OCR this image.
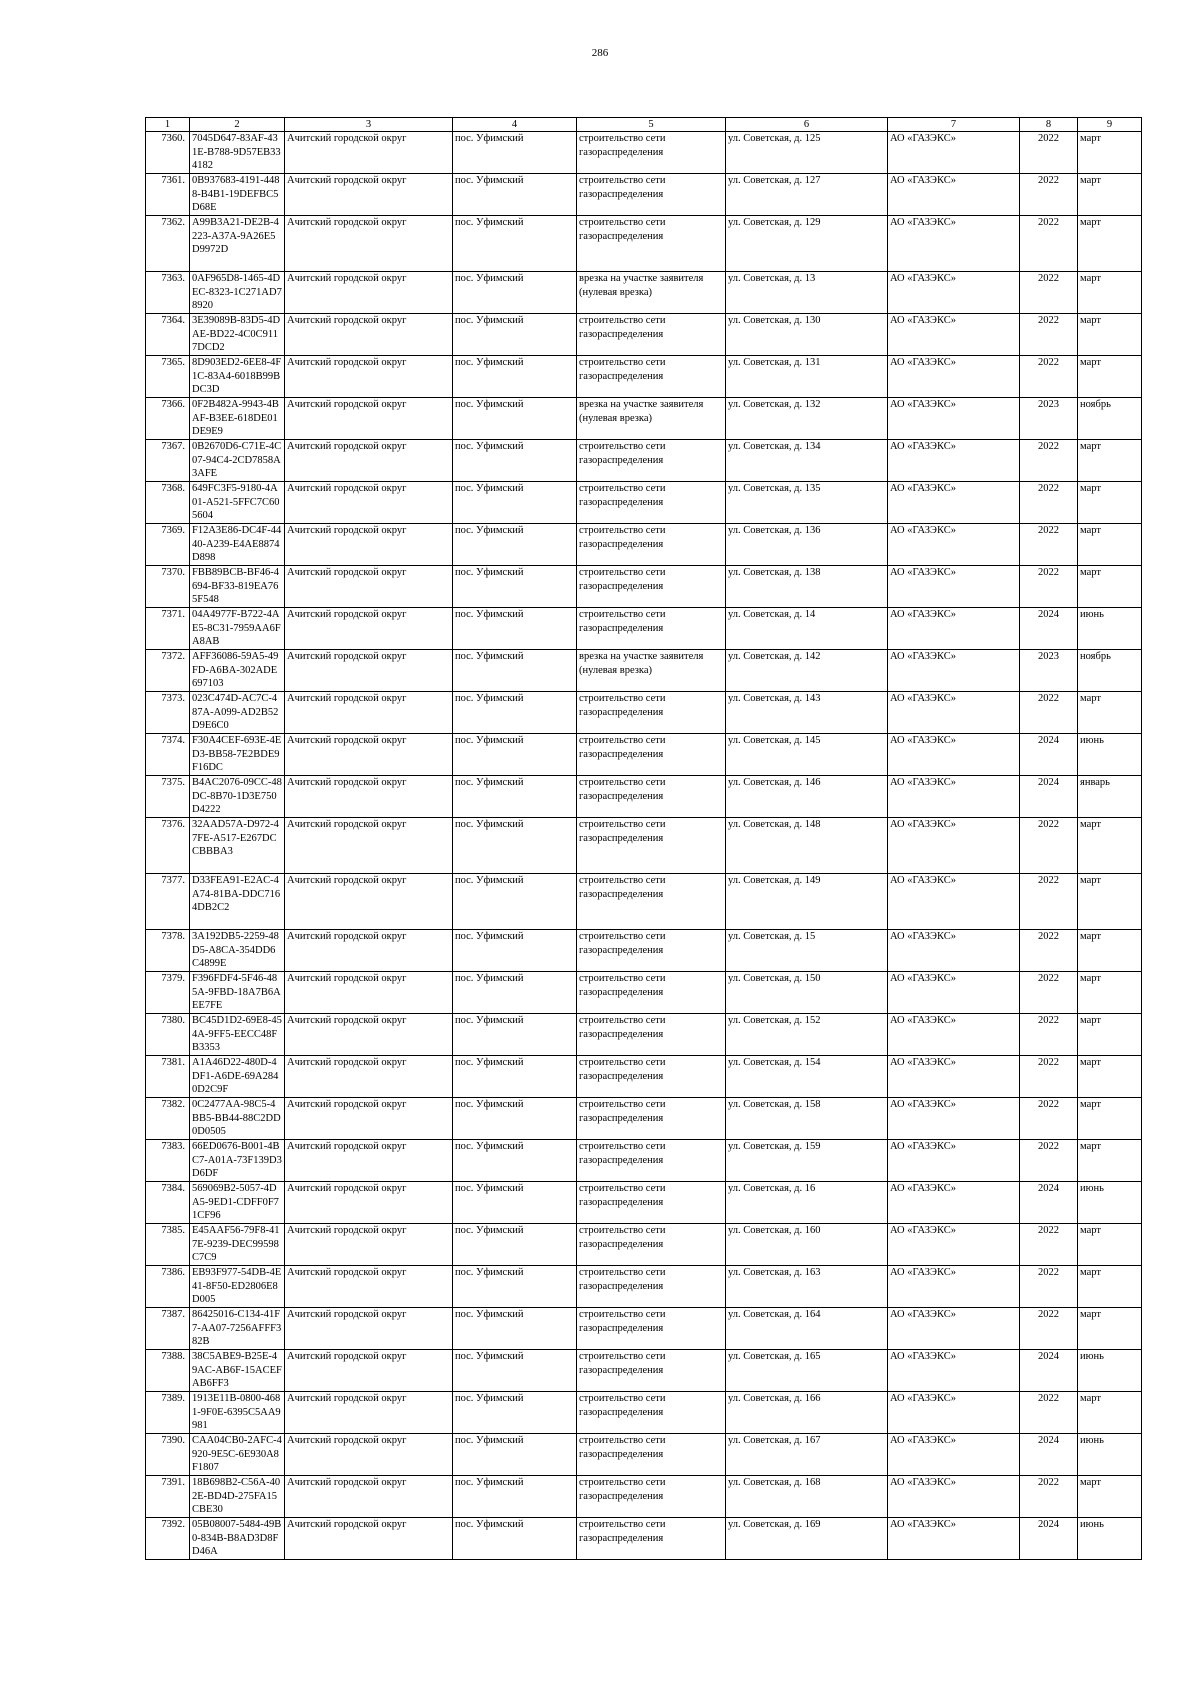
286
1	2	3	4	5	6	7	8	9
7360.	7045D647-83AF-431E-B788-9D57EB334182	Ачитский городской округ	пос. Уфимский	строительство сети газораспределения	ул. Советская, д. 125	АО «ГАЗЭКС»	2022	март
7361.	0B937683-4191-4488-B4B1-19DEFBC5D68E	Ачитский городской округ	пос. Уфимский	строительство сети газораспределения	ул. Советская, д. 127	АО «ГАЗЭКС»	2022	март
7362.	A99B3A21-DE2B-4223-A37A-9A26E5D9972D	Ачитский городской округ	пос. Уфимский	строительство сети газораспределения	ул. Советская, д. 129	АО «ГАЗЭКС»	2022	март
7363.	0AF965D8-1465-4DEC-8323-1C271AD78920	Ачитский городской округ	пос. Уфимский	врезка на участке заявителя (нулевая врезка)	ул. Советская, д. 13	АО «ГАЗЭКС»	2022	март
7364.	3E39089B-83D5-4DAE-BD22-4C0C9117DCD2	Ачитский городской округ	пос. Уфимский	строительство сети газораспределения	ул. Советская, д. 130	АО «ГАЗЭКС»	2022	март
7365.	8D903ED2-6EE8-4F1C-83A4-6018B99BDC3D	Ачитский городской округ	пос. Уфимский	строительство сети газораспределения	ул. Советская, д. 131	АО «ГАЗЭКС»	2022	март
7366.	0F2B482A-9943-4BAF-B3EE-618DE01DE9E9	Ачитский городской округ	пос. Уфимский	врезка на участке заявителя (нулевая врезка)	ул. Советская, д. 132	АО «ГАЗЭКС»	2023	ноябрь
7367.	0B2670D6-C71E-4C07-94C4-2CD7858A3AFE	Ачитский городской округ	пос. Уфимский	строительство сети газораспределения	ул. Советская, д. 134	АО «ГАЗЭКС»	2022	март
7368.	649FC3F5-9180-4A01-A521-5FFC7C605604	Ачитский городской округ	пос. Уфимский	строительство сети газораспределения	ул. Советская, д. 135	АО «ГАЗЭКС»	2022	март
7369.	F12A3E86-DC4F-4440-A239-E4AE8874D898	Ачитский городской округ	пос. Уфимский	строительство сети газораспределения	ул. Советская, д. 136	АО «ГАЗЭКС»	2022	март
7370.	FBB89BCB-BF46-4694-BF33-819EA765F548	Ачитский городской округ	пос. Уфимский	строительство сети газораспределения	ул. Советская, д. 138	АО «ГАЗЭКС»	2022	март
7371.	04A4977F-B722-4AE5-8C31-7959AA6FA8AB	Ачитский городской округ	пос. Уфимский	строительство сети газораспределения	ул. Советская, д. 14	АО «ГАЗЭКС»	2024	июнь
7372.	AFF36086-59A5-49FD-A6BA-302ADE697103	Ачитский городской округ	пос. Уфимский	врезка на участке заявителя (нулевая врезка)	ул. Советская, д. 142	АО «ГАЗЭКС»	2023	ноябрь
7373.	023C474D-AC7C-487A-A099-AD2B52D9E6C0	Ачитский городской округ	пос. Уфимский	строительство сети газораспределения	ул. Советская, д. 143	АО «ГАЗЭКС»	2022	март
7374.	F30A4CEF-693E-4ED3-BB58-7E2BDE9F16DC	Ачитский городской округ	пос. Уфимский	строительство сети газораспределения	ул. Советская, д. 145	АО «ГАЗЭКС»	2024	июнь
7375.	B4AC2076-09CC-48DC-8B70-1D3E750D4222	Ачитский городской округ	пос. Уфимский	строительство сети газораспределения	ул. Советская, д. 146	АО «ГАЗЭКС»	2024	январь
7376.	32AAD57A-D972-47FE-A517-E267DCCBBBA3	Ачитский городской округ	пос. Уфимский	строительство сети газораспределения	ул. Советская, д. 148	АО «ГАЗЭКС»	2022	март
7377.	D33FEA91-E2AC-4A74-81BA-DDC7164DB2C2	Ачитский городской округ	пос. Уфимский	строительство сети газораспределения	ул. Советская, д. 149	АО «ГАЗЭКС»	2022	март
7378.	3A192DB5-2259-48D5-A8CA-354DD6C4899E	Ачитский городской округ	пос. Уфимский	строительство сети газораспределения	ул. Советская, д. 15	АО «ГАЗЭКС»	2022	март
7379.	F396FDF4-5F46-485A-9FBD-18A7B6AEE7FE	Ачитский городской округ	пос. Уфимский	строительство сети газораспределения	ул. Советская, д. 150	АО «ГАЗЭКС»	2022	март
7380.	BC45D1D2-69E8-454A-9FF5-EECC48FB3353	Ачитский городской округ	пос. Уфимский	строительство сети газораспределения	ул. Советская, д. 152	АО «ГАЗЭКС»	2022	март
7381.	A1A46D22-480D-4DF1-A6DE-69A2840D2C9F	Ачитский городской округ	пос. Уфимский	строительство сети газораспределения	ул. Советская, д. 154	АО «ГАЗЭКС»	2022	март
7382.	0C2477AA-98C5-4BB5-BB44-88C2DD0D0505	Ачитский городской округ	пос. Уфимский	строительство сети газораспределения	ул. Советская, д. 158	АО «ГАЗЭКС»	2022	март
7383.	66ED0676-B001-4BC7-A01A-73F139D3D6DF	Ачитский городской округ	пос. Уфимский	строительство сети газораспределения	ул. Советская, д. 159	АО «ГАЗЭКС»	2022	март
7384.	569069B2-5057-4DA5-9ED1-CDFF0F71CF96	Ачитский городской округ	пос. Уфимский	строительство сети газораспределения	ул. Советская, д. 16	АО «ГАЗЭКС»	2024	июнь
7385.	E45AAF56-79F8-417E-9239-DEC99598C7C9	Ачитский городской округ	пос. Уфимский	строительство сети газораспределения	ул. Советская, д. 160	АО «ГАЗЭКС»	2022	март
7386.	EB93F977-54DB-4E41-8F50-ED2806E8D005	Ачитский городской округ	пос. Уфимский	строительство сети газораспределения	ул. Советская, д. 163	АО «ГАЗЭКС»	2022	март
7387.	86425016-C134-41F7-AA07-7256AFFF382B	Ачитский городской округ	пос. Уфимский	строительство сети газораспределения	ул. Советская, д. 164	АО «ГАЗЭКС»	2022	март
7388.	38C5ABE9-B25E-49AC-AB6F-15ACEFAB6FF3	Ачитский городской округ	пос. Уфимский	строительство сети газораспределения	ул. Советская, д. 165	АО «ГАЗЭКС»	2024	июнь
7389.	1913E11B-0800-4681-9F0E-6395C5AA9981	Ачитский городской округ	пос. Уфимский	строительство сети газораспределения	ул. Советская, д. 166	АО «ГАЗЭКС»	2022	март
7390.	CAA04CB0-2AFC-4920-9E5C-6E930A8F1807	Ачитский городской округ	пос. Уфимский	строительство сети газораспределения	ул. Советская, д. 167	АО «ГАЗЭКС»	2024	июнь
7391.	18B698B2-C56A-402E-BD4D-275FA15CBE30	Ачитский городской округ	пос. Уфимский	строительство сети газораспределения	ул. Советская, д. 168	АО «ГАЗЭКС»	2022	март
7392.	05B08007-5484-49B0-834B-B8AD3D8FD46A	Ачитский городской округ	пос. Уфимский	строительство сети газораспределения	ул. Советская, д. 169	АО «ГАЗЭКС»	2024	июнь
